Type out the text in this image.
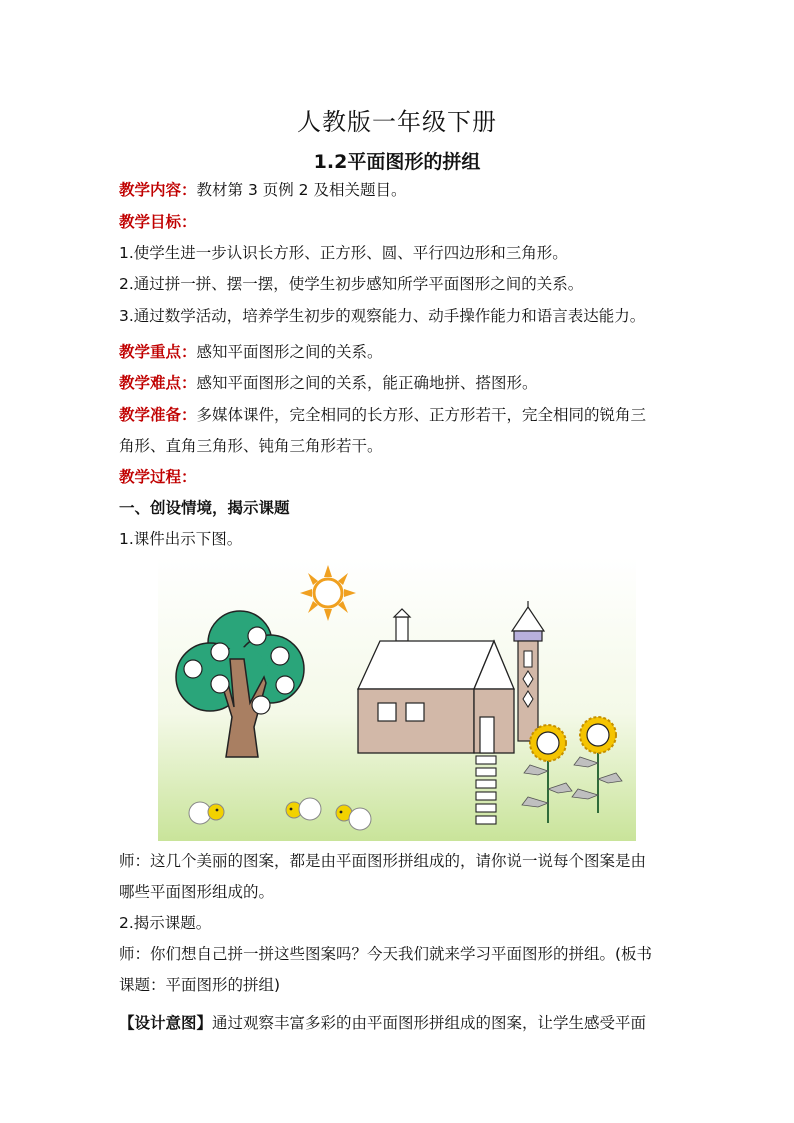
人教版一年级下册
1.2平面图形的拼组
教学内容：教材第 3 页例 2 及相关题目。
教学目标：
1.使学生进一步认识长方形、正方形、圆、平行四边形和三角形。
2.通过拼一拼、摆一摆，使学生初步感知所学平面图形之间的关系。
3.通过数学活动，培养学生初步的观察能力、动手操作能力和语言表达能力。
教学重点：感知平面图形之间的关系。
教学难点：感知平面图形之间的关系，能正确地拼、搭图形。
教学准备：多媒体课件，完全相同的长方形、正方形若干，完全相同的锐角三
角形、直角三角形、钝角三角形若干。
教学过程：
一、创设情境，揭示课题
1.课件出示下图。
师：这几个美丽的图案，都是由平面图形拼组成的，请你说一说每个图案是由
哪些平面图形组成的。
2.揭示课题。
师：你们想自己拼一拼这些图案吗？今天我们就来学习平面图形的拼组。(板书
课题：平面图形的拼组)
【设计意图】通过观察丰富多彩的由平面图形拼组成的图案，让学生感受平面
